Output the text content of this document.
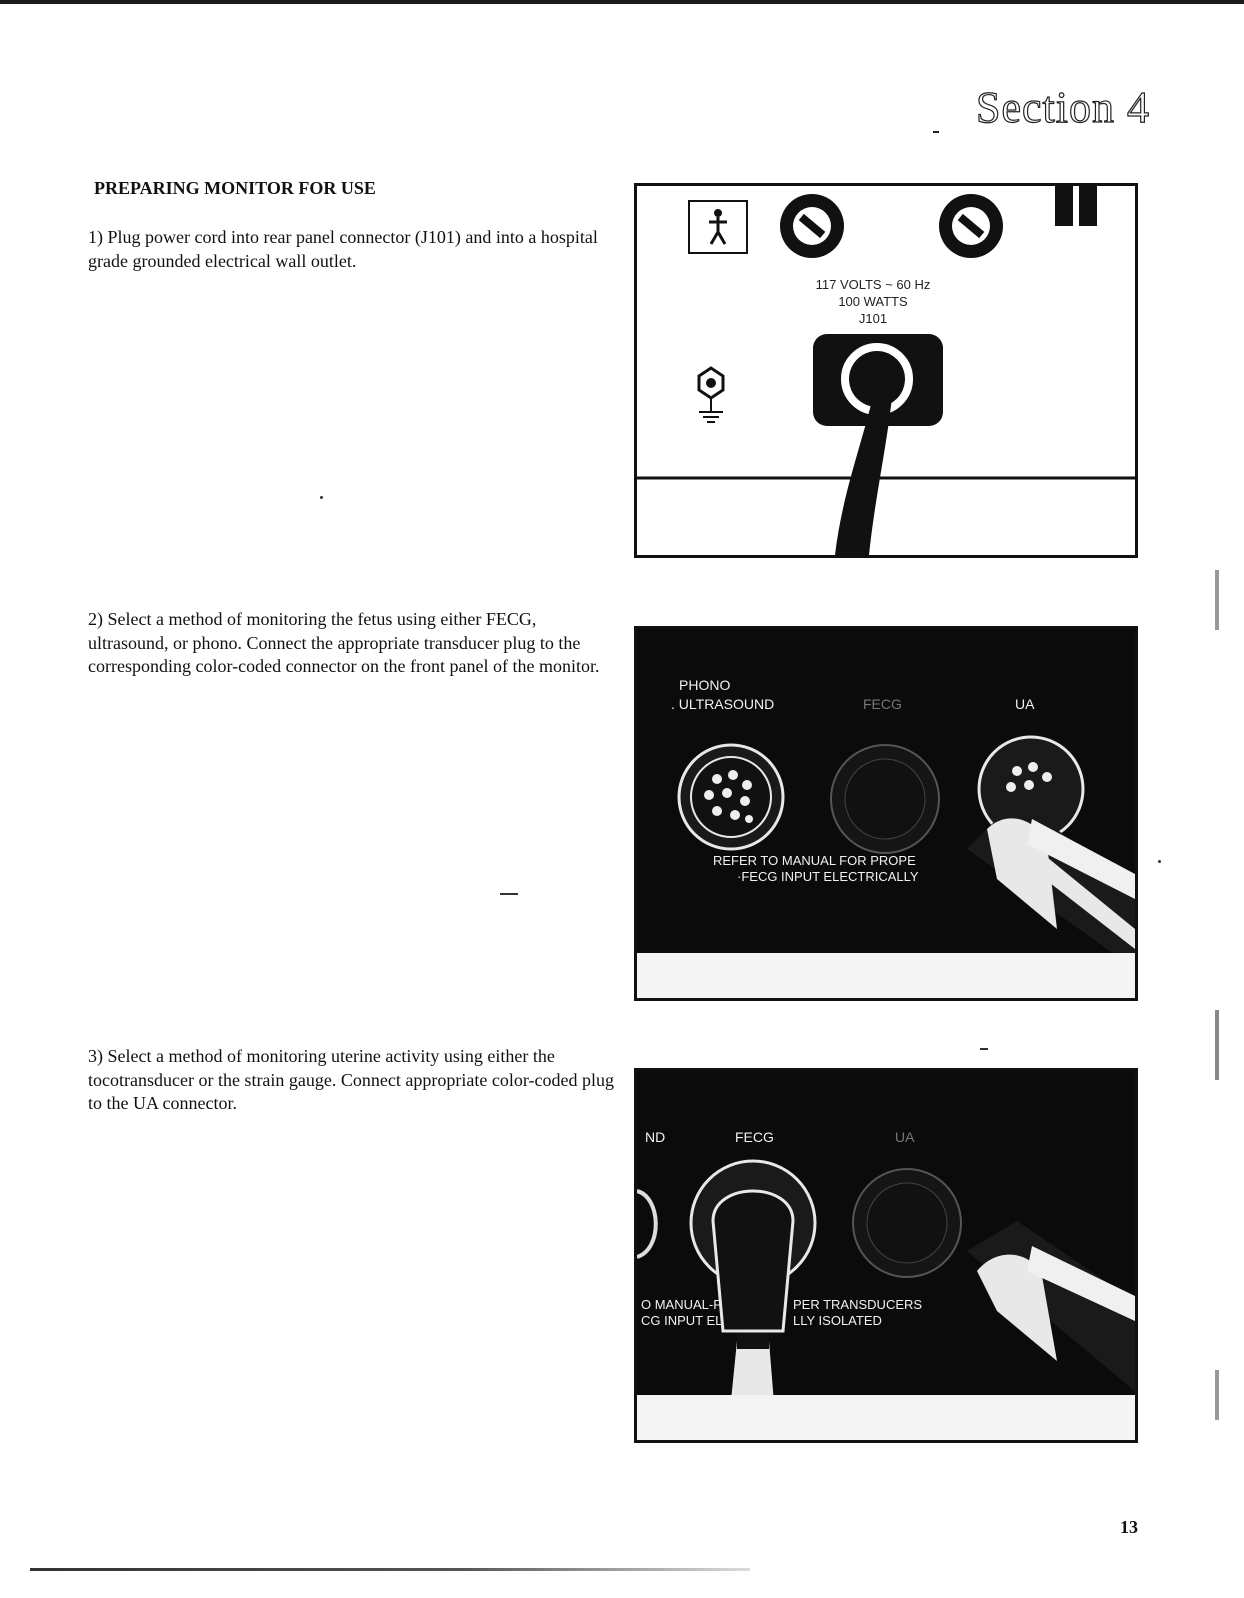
Section 4
PREPARING MONITOR FOR USE
1) Plug power cord into rear panel connector (J101) and into a hospital grade grounded electrical wall outlet.
2) Select a method of monitoring the fetus using either FECG, ultrasound, or phono. Connect the appropriate transducer plug to the corresponding color-coded connector on the front panel of the monitor.
3) Select a method of monitoring uterine activity using either the tocotransducer or the strain gauge. Connect appropriate color-coded plug to the UA connector.
117 VOLTS ~ 60 Hz
100 WATTS
J101
PHONO
. ULTRASOUND	FECG	UA
REFER TO MANUAL FOR PROPE
·FECG INPUT ELECTRICALLY
ND	FECG	UA
O MANUAL-F
CG INPUT EL
PER TRANSDUCERS
LLY ISOLATED
13
